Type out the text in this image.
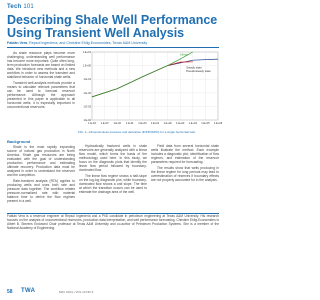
Tech 101
Describing Shale Well Performance Using Transient Well Analysis
Fabián Vera, Repsol Ingeniería, and Christine Ehlig-Economides, Texas A&M University

As shale resource plays become more challenging, understanding well performance has become more important. Quite often long-term production forecasts are based on limited data. We introduce new methods and a new workflow in order to assess the transient and stabilized behavior of horizontal shale wells.

Transient well-analysis methods provide a means to calculate relevant parameters that can be used to forecast reservoir performance. Although the approach presented in this paper is applicable to all horizontal wells, it is especially important in unconventional reservoirs.

Background

Shale is the most rapidly expanding source of natural gas production in North America. Shale gas resources are being evaluated with the goal of understanding production performance and estimating ultimate recovery. Production data must be analyzed in order to understand the reservoir and the completion.

Rate-transient analysis (RTA) applies to producing wells and uses both rate and pressure data together. The workflow relates pressure-normalized rate with material balance time to derive the flow regimes present in a well.

Hydraulically fractured wells in shale reservoirs are generally analyzed with a linear flow model, which forms the basis of the methodology used here. In this study, we focus on the diagnostic plots that identify the linear flow period followed by boundary-dominated flow.

The linear flow regime shows a half-slope on the log-log diagnostic plot, while boundary-dominated flow shows a unit slope. The time at which the transition occurs can be used to estimate the drainage area of the well.

Field data from several horizontal shale wells illustrate the method. Each example includes a diagnostic plot, identification of flow regimes, and estimation of the reservoir parameters required for forecasting.

The results show that wells producing in the linear regime for long periods may lead to overestimation of reserves if boundary effects are not properly accounted for in the analysis.

1.E-04 1.E-03 1.E-02 1.E-01 1.E+00 1.E+01 1.E+02 1.E+03 1.E+04 1.E+05 1.E+06
1.E+01
1.E+00
1.E-01
1.E-02
1.E-03
1.E-04
Infinite
Steady state
Pseudosteady state
FIG. 1—Dimensionless pressure and derivative (tDPD′/tDPD) for a single horizontal well.
Fabián Vera is a reservoir engineer at Repsol Ingeniería and a PhD candidate in petroleum engineering at Texas A&M University. His research focuses on the analysis of unconventional reservoirs, production data interpretation, and well performance forecasting. Christine Ehlig-Economides is Albert B. Stevens Endowed Chair professor at Texas A&M University and co-author of Petroleum Production Systems. She is a member of the National Academy of Engineering.
58 TWA	MAY 2014 • VOL 10 NO 3
